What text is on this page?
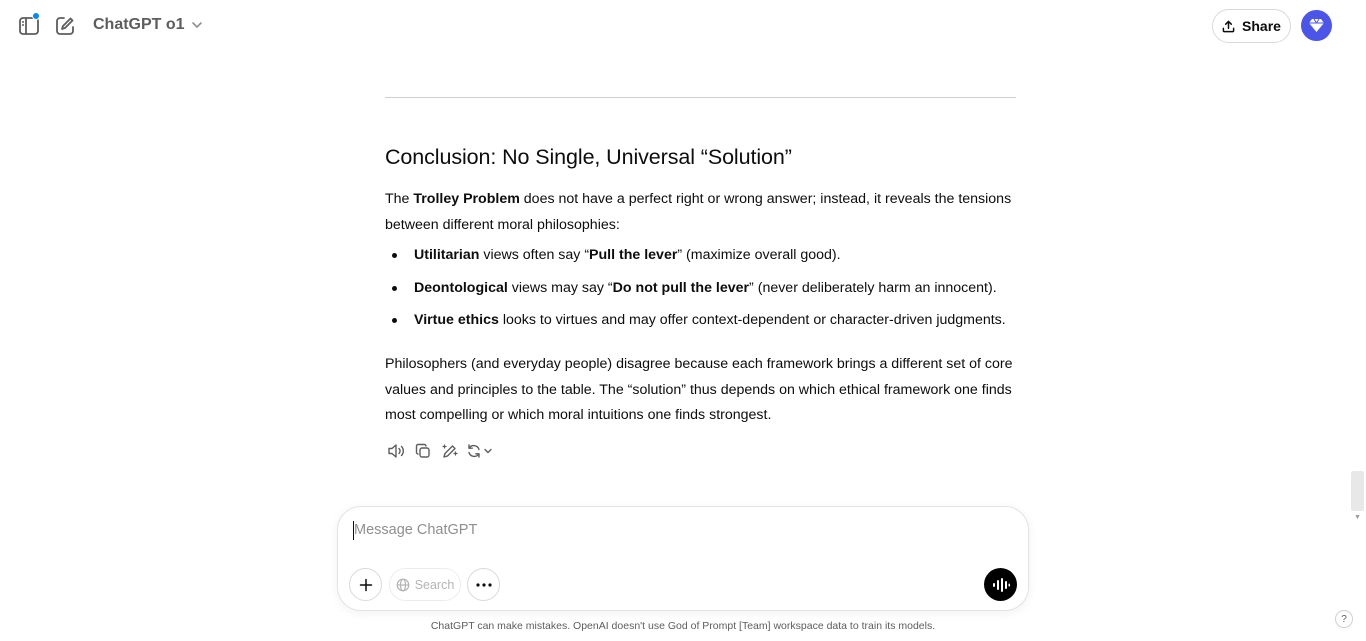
ChatGPT o1	Share
Conclusion: No Single, Universal “Solution”

The Trolley Problem does not have a perfect right or wrong answer; instead, it reveals the tensions between different moral philosophies:

Utilitarian views often say “Pull the lever” (maximize overall good).
Deontological views may say “Do not pull the lever” (never deliberately harm an innocent).
Virtue ethics looks to virtues and may offer context-dependent or character-driven judgments.

Philosophers (and everyday people) disagree because each framework brings a different set of core values and principles to the table. The “solution” thus depends on which ethical framework one finds most compelling or which moral intuitions one finds strongest.

Message ChatGPT
Search
ChatGPT can make mistakes. OpenAI doesn't use God of Prompt [Team] workspace data to train its models.
?
▼
